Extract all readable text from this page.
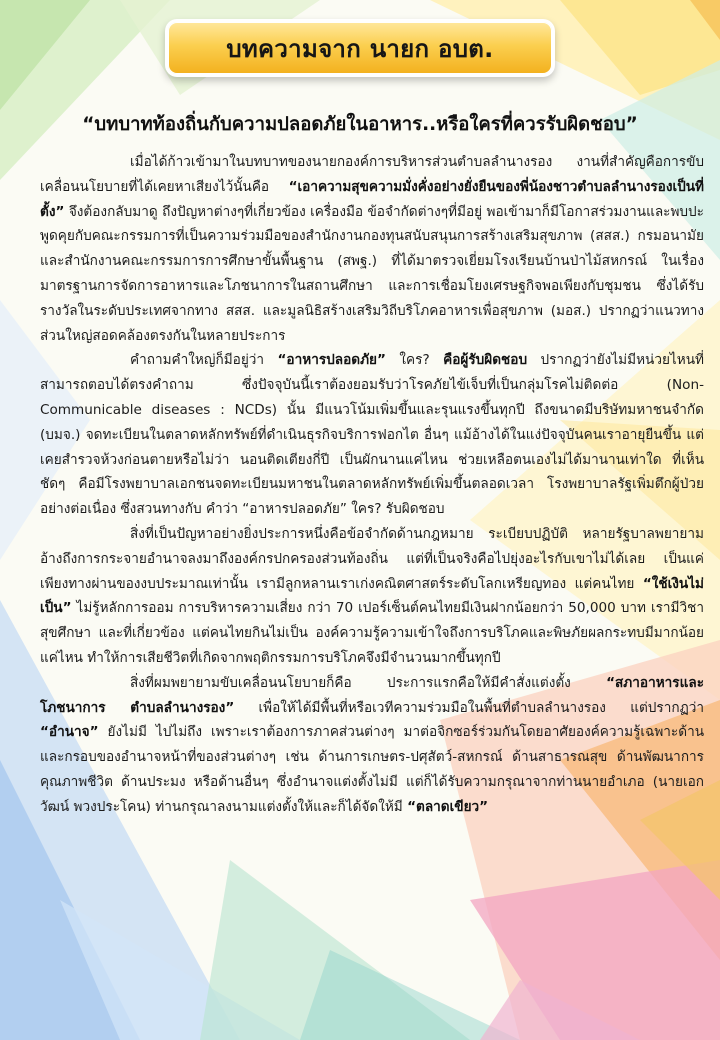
บทความจาก นายก อบต.
“บทบาทท้องถิ่นกับความปลอดภัยในอาหาร..หรือใครที่ควรรับผิดชอบ”

เมื่อได้ก้าวเข้ามาในบทบาทของนายกองค์การบริหารส่วนตำบลลำนางรอง งานที่สำคัญคือการขับเคลื่อนนโยบายที่ได้เคยหาเสียงไว้นั้นคือ “เอาความสุขความมั่งคั่งอย่างยั่งยืนของพี่น้องชาวตำบลลำนางรองเป็นที่ตั้ง” จึงต้องกลับมาดู ถึงปัญหาต่างๆที่เกี่ยวข้อง เครื่องมือ ข้อจำกัดต่างๆที่มีอยู่ พอเข้ามาก็มีโอกาสร่วมงานและพบปะพูดคุยกับคณะกรรมการที่เป็นความร่วมมือของสำนักงานกองทุนสนับสนุนการสร้างเสริมสุขภาพ (สสส.) กรมอนามัย และสำนักงานคณะกรรมการการศึกษาขั้นพื้นฐาน (สพฐ.) ที่ได้มาตรวจเยี่ยมโรงเรียนบ้านป่าไม้สหกรณ์ ในเรื่องมาตรฐานการจัดการอาหารและโภชนาการในสถานศึกษา และการเชื่อมโยงเศรษฐกิจพอเพียงกับชุมชน ซึ่งได้รับรางวัลในระดับประเทศจากทาง สสส. และมูลนิธิสร้างเสริมวิถีบริโภคอาหารเพื่อสุขภาพ (มอส.) ปรากฏว่าแนวทางส่วนใหญ่สอดคล้องตรงกันในหลายประการ

คำถามคำใหญ่ก็มีอยู่ว่า “อาหารปลอดภัย” ใคร? คือผู้รับผิดชอบ ปรากฏว่ายังไม่มีหน่วยไหนที่สามารถตอบได้ตรงคำถาม ซึ่งปัจจุบันนี้เราต้องยอมรับว่าโรคภัยไข้เจ็บที่เป็นกลุ่มโรคไม่ติดต่อ (Non-Communicable diseases : NCDs) นั้น มีแนวโน้มเพิ่มขึ้นและรุนแรงขึ้นทุกปี ถึงขนาดมีบริษัทมหาชนจำกัด (บมจ.) จดทะเบียนในตลาดหลักทรัพย์ที่ดำเนินธุรกิจบริการฟอกไต อื่นๆ แม้อ้างได้ในแง่ปัจจุบันคนเราอายุยืนขึ้น แต่เคยสำรวจห้วงก่อนตายหรือไม่ว่า นอนติดเตียงกี่ปี เป็นผักนานแค่ไหน ช่วยเหลือตนเองไม่ได้มานานเท่าใด ที่เห็นชัดๆ คือมีโรงพยาบาลเอกชนจดทะเบียนมหาชนในตลาดหลักทรัพย์เพิ่มขึ้นตลอดเวลา โรงพยาบาลรัฐเพิ่มตึกผู้ป่วยอย่างต่อเนื่อง ซึ่งสวนทางกับ คำว่า “อาหารปลอดภัย” ใคร? รับผิดชอบ

สิ่งที่เป็นปัญหาอย่างยิ่งประการหนึ่งคือข้อจำกัดด้านกฎหมาย ระเบียบปฏิบัติ หลายรัฐบาลพยายามอ้างถึงการกระจายอำนาจลงมาถึงองค์กรปกครองส่วนท้องถิ่น แต่ที่เป็นจริงคือไปยุ่งอะไรกับเขาไม่ได้เลย เป็นแค่เพียงทางผ่านของงบประมาณเท่านั้น เรามีลูกหลานเราเก่งคณิตศาสตร์ระดับโลกเหรียญทอง แต่คนไทย “ใช้เงินไม่เป็น” ไม่รู้หลักการออม การบริหารความเสี่ยง กว่า 70 เปอร์เซ็นต์คนไทยมีเงินฝากน้อยกว่า 50,000 บาท เรามีวิชาสุขศึกษา และที่เกี่ยวข้อง แต่คนไทยกินไม่เป็น องค์ความรู้ความเข้าใจถึงการบริโภคและพิษภัยผลกระทบมีมากน้อยแค่ไหน ทำให้การเสียชีวิตที่เกิดจากพฤติกรรมการบริโภคจึงมีจำนวนมากขึ้นทุกปี

สิ่งที่ผมพยายามขับเคลื่อนนโยบายก็คือ ประการแรกคือให้มีคำสั่งแต่งตั้ง “สภาอาหารและโภชนาการ ตำบลลำนางรอง” เพื่อให้ได้มีพื้นที่หรือเวทีความร่วมมือในพื้นที่ตำบลลำนางรอง แต่ปรากฏว่า “อำนาจ” ยังไม่มี ไปไม่ถึง เพราะเราต้องการภาคส่วนต่างๆ มาต่อจิกซอร์ร่วมกันโดยอาศัยองค์ความรู้เฉพาะด้านและกรอบของอำนาจหน้าที่ของส่วนต่างๆ เช่น ด้านการเกษตร-ปศุสัตว์-สหกรณ์ ด้านสาธารณสุข ด้านพัฒนาการคุณภาพชีวิต ด้านประมง หรือด้านอื่นๆ ซึ่งอำนาจแต่งตั้งไม่มี แต่ก็ได้รับความกรุณาจากท่านนายอำเภอ (นายเอกวัฒน์ พวงประโคน) ท่านกรุณาลงนามแต่งตั้งให้และก็ได้จัดให้มี “ตลาดเขียว”
